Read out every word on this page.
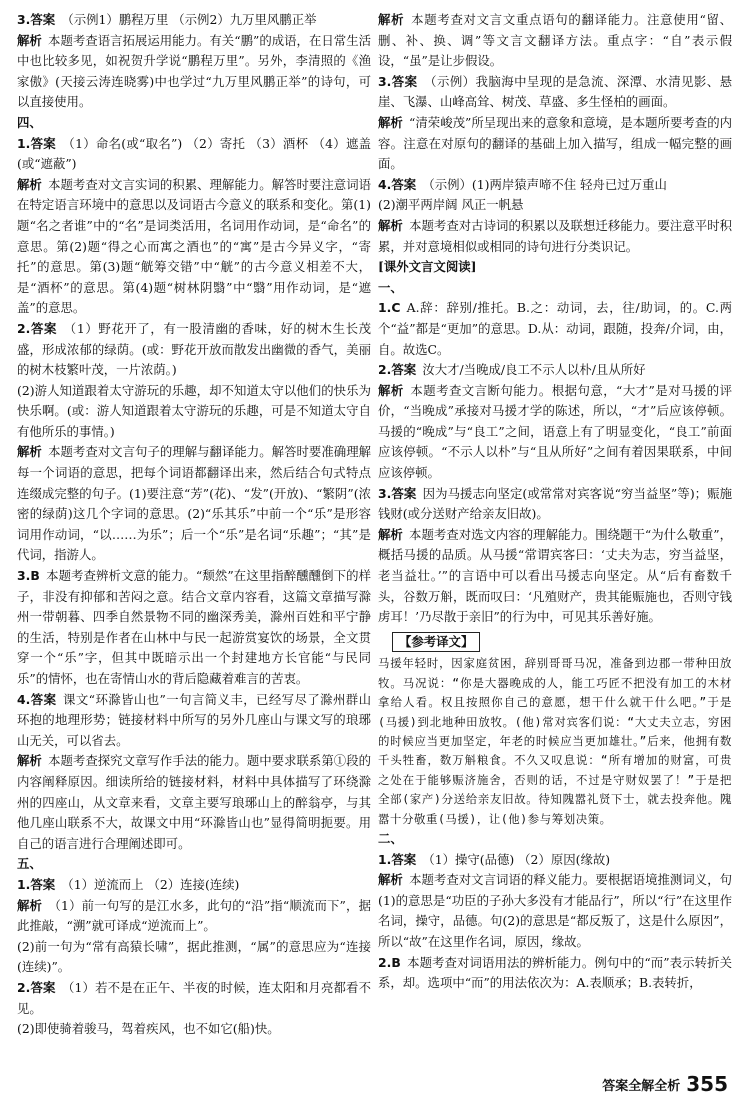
3.答案  （示例1）鹏程万里 （示例2）九万里风鹏正举

解析  本题考查语言拓展运用能力。有关“鹏”的成语，在日常生活中也比较多见，如祝贺升学说“鹏程万里”。另外，李清照的《渔家傲》(天接云涛连晓雾)中也学过“九万里风鹏正举”的诗句，可以直接使用。

四、

1.答案  （1）命名(或“取名”) （2）寄托 （3）酒杯 （4）遮盖(或“遮蔽”)

解析  本题考查对文言实词的积累、理解能力。解答时要注意词语在特定语言环境中的意思以及词语古今意义的联系和变化。第(1)题“名之者谁”中的“名”是词类活用，名词用作动词，是“命名”的意思。第(2)题“得之心而寓之酒也”的“寓”是古今异义字，“寄托”的意思。第(3)题“觥筹交错”中“觥”的古今意义相差不大，是“酒杯”的意思。第(4)题“树林阴翳”中“翳”用作动词，是“遮盖”的意思。

2.答案  （1）野花开了，有一股清幽的香味，好的树木生长茂盛，形成浓郁的绿荫。(或：野花开放而散发出幽微的香气，美丽的树木枝繁叶茂，一片浓荫。)

(2)游人知道跟着太守游玩的乐趣，却不知道太守以他们的快乐为快乐啊。(或：游人知道跟着太守游玩的乐趣，可是不知道太守自有他所乐的事情。)

解析  本题考查对文言句子的理解与翻译能力。解答时要准确理解每一个词语的意思，把每个词语都翻译出来，然后结合句式特点连缀成完整的句子。(1)要注意“芳”(花)、“发”(开放)、“繁阴”(浓密的绿荫)这几个字词的意思。(2)“乐其乐”中前一个“乐”是形容词用作动词，“以……为乐”；后一个“乐”是名词“乐趣”；“其”是代词，指游人。

3.B  本题考查辨析文意的能力。“颓然”在这里指醉醺醺倒下的样子，非没有抑郁和苦闷之意。结合文章内容看，这篇文章描写滁州一带朝暮、四季自然景物不同的幽深秀美，滁州百姓和平宁静的生活，特别是作者在山林中与民一起游赏宴饮的场景，全文贯穿一个“乐”字，但其中既暗示出一个封建地方长官能“与民同乐”的情怀，也在寄情山水的背后隐藏着难言的苦衷。

4.答案  课文“环滁皆山也”一句言简义丰，已经写尽了滁州群山环抱的地理形势；链接材料中所写的另外几座山与课文写的琅琊山无关，可以省去。

解析  本题考查探究文章写作手法的能力。题中要求联系第①段的内容阐释原因。细读所给的链接材料，材料中具体描写了环绕滁州的四座山，从文章来看，文章主要写琅琊山上的醉翁亭，与其他几座山联系不大，故课文中用“环滁皆山也”显得简明扼要。用自己的语言进行合理阐述即可。

五、

1.答案  （1）逆流而上 （2）连接(连续)

解析  （1）前一句写的是江水多，此句的“沿”指“顺流而下”，据此推敲，“溯”就可译成“逆流而上”。

(2)前一句为“常有高猿长啸”，据此推测，“属”的意思应为“连接(连续)”。

2.答案  （1）若不是在正午、半夜的时候，连太阳和月亮都看不见。

(2)即使骑着骏马，驾着疾风，也不如它(船)快。

解析  本题考查对文言文重点语句的翻译能力。注意使用“留、删、补、换、调”等文言文翻译方法。重点字：“自”表示假设，“虽”是让步假设。

3.答案  （示例）我脑海中呈现的是急流、深潭、水清见影、悬崖、飞瀑、山峰高耸、树茂、草盛、多生怪柏的画面。

解析  “清荣峻茂”所呈现出来的意象和意境，是本题所要考查的内容。注意在对原句的翻译的基础上加入描写，组成一幅完整的画面。

4.答案  （示例）(1)两岸猿声啼不住 轻舟已过万重山

(2)潮平两岸阔 风正一帆悬

解析  本题考查对古诗词的积累以及联想迁移能力。要注意平时积累，并对意境相似或相同的诗句进行分类识记。

[课外文言文阅读]

一、

1.C  A.辞：辞别/推托。B.之：动词，去，往/助词，的。C.两个“益”都是“更加”的意思。D.从：动词，跟随，投奔/介词，由，自。故选C。

2.答案  汝大才/当晚成/良工不示人以朴/且从所好

解析  本题考查文言断句能力。根据句意，“大才”是对马援的评价，“当晚成”承接对马援才学的陈述，所以，“才”后应该停顿。马援的“晚成”与“良工”之间，语意上有了明显变化，“良工”前面应该停顿。“不示人以朴”与“且从所好”之间有着因果联系，中间应该停顿。

3.答案  因为马援志向坚定(或常常对宾客说“穷当益坚”等)；赈施钱财(或分送财产给亲友旧故)。

解析  本题考查对选文内容的理解能力。围绕题干“为什么敬重”，概括马援的品质。从马援“常谓宾客曰：‘丈夫为志，穷当益坚，老当益壮。’”的言语中可以看出马援志向坚定。从“后有畜数千头，谷数万斛，既而叹曰：‘凡殖财产，贵其能赈施也，否则守钱虏耳！’乃尽散于亲旧”的行为中，可见其乐善好施。

【参考译文】

马援年轻时，因家庭贫困，辞别哥哥马况，准备到边郡一带种田放牧。马况说：“你是大器晚成的人，能工巧匠不把没有加工的木材拿给人看。权且按照你自己的意愿，想干什么就干什么吧。”于是(马援)到北地种田放牧。(他)常对宾客们说：“大丈夫立志，穷困的时候应当更加坚定，年老的时候应当更加雄壮。”后来，他拥有数千头牲畜，数万斛粮食。不久又叹息说：“所有增加的财富，可贵之处在于能够赈济施舍，否则的话，不过是守财奴罢了！”于是把全部(家产)分送给亲友旧故。待知隗嚣礼贤下士，就去投奔他。隗嚣十分敬重(马援)，让(他)参与筹划决策。

二、

1.答案  （1）操守(品德) （2）原因(缘故)

解析  本题考查对文言词语的释义能力。要根据语境推测词义，句(1)的意思是“功臣的子孙大多没有才能品行”，所以“行”在这里作名词，操守，品德。句(2)的意思是“都反叛了，这是什么原因”，所以“故”在这里作名词，原因，缘故。

2.B  本题考查对词语用法的辨析能力。例句中的“而”表示转折关系，却。选项中“而”的用法依次为：A.表顺承；B.表转折，

答案全解全析 355
